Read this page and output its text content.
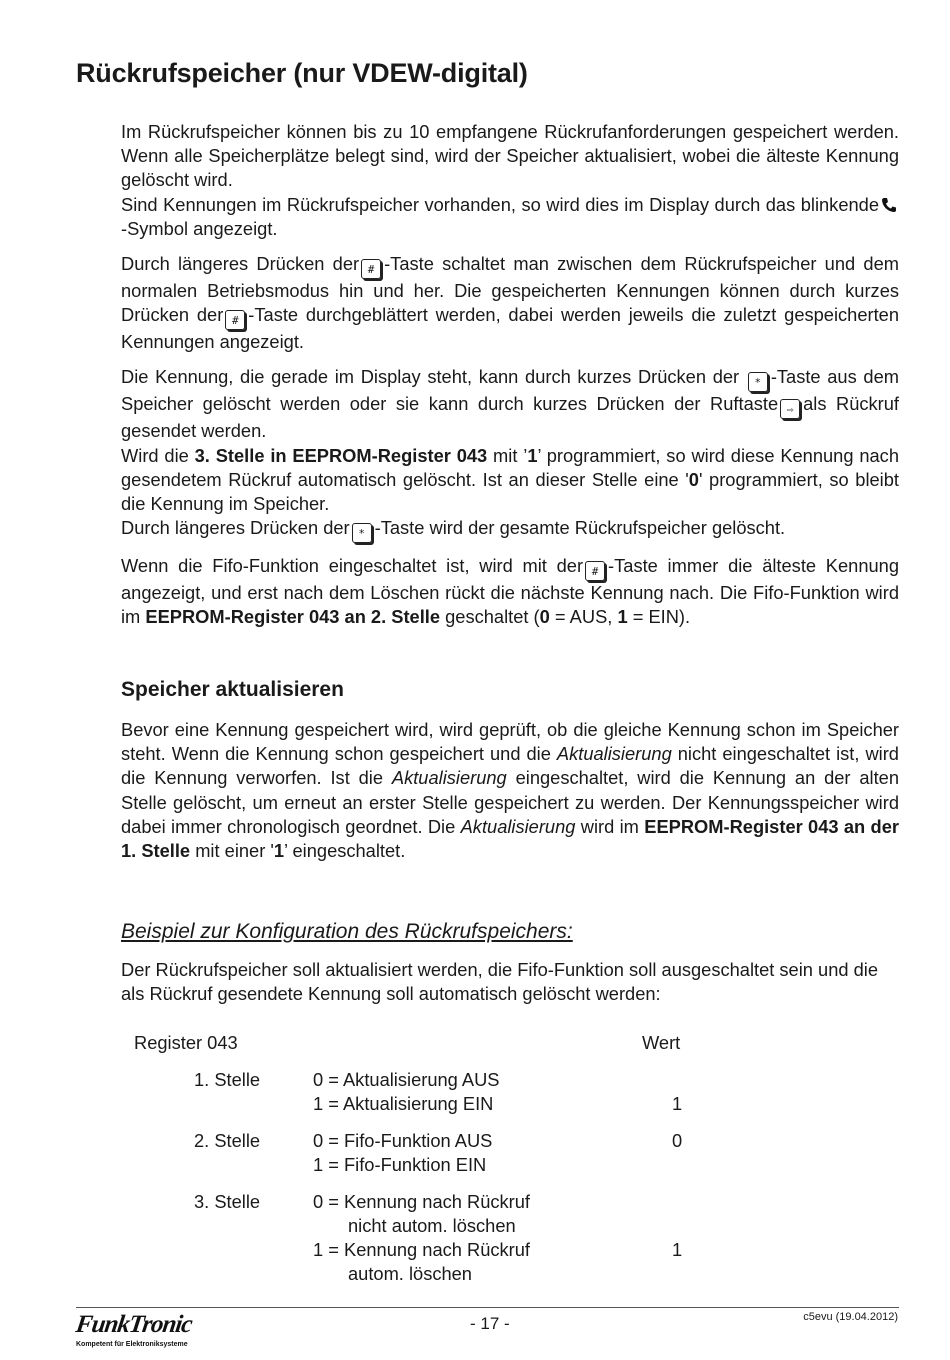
Rückrufspeicher (nur VDEW-digital)

Im Rückrufspeicher können bis zu 10 empfangene Rückrufanforderungen gespeichert werden. Wenn alle Speicherplätze belegt sind, wird der Speicher aktualisiert, wobei die älteste Kennung gelöscht wird.
Sind Kennungen im Rückrufspeicher vorhanden, so wird dies im Display durch das blinkende-Symbol angezeigt.

Durch längeres Drücken der # -Taste schaltet man zwischen dem Rückrufspeicher und dem normalen Betriebsmodus hin und her. Die gespeicherten Kennungen können durch kurzes Drücken der # -Taste durchgeblättert werden, dabei werden jeweils die zuletzt gespeicherten Kennungen angezeigt.

Die Kennung, die gerade im Display steht, kann durch kurzes Drücken der * -Taste aus dem Speicher gelöscht werden oder sie kann durch kurzes Drücken der Ruftaste ⇨ als Rückruf gesendet werden.
Wird die 3. Stelle in EEPROM-Register 043 mit ’1’ programmiert, so wird diese Kennung nach gesendetem Rückruf automatisch gelöscht. Ist an dieser Stelle eine '0' programmiert, so bleibt die Kennung im Speicher.
Durch längeres Drücken der * -Taste wird der gesamte Rückrufspeicher gelöscht.

Wenn die Fifo-Funktion eingeschaltet ist, wird mit der # -Taste immer die älteste Kennung angezeigt, und erst nach dem Löschen rückt die nächste Kennung nach. Die Fifo-Funktion wird im EEPROM-Register 043 an 2. Stelle geschaltet (0 = AUS, 1 = EIN).

Speicher aktualisieren

Bevor eine Kennung gespeichert wird, wird geprüft, ob die gleiche Kennung schon im Speicher steht. Wenn die Kennung schon gespeichert und die Aktualisierung nicht eingeschaltet ist, wird die Kennung verworfen. Ist die Aktualisierung eingeschaltet, wird die Kennung an der alten Stelle gelöscht, um erneut an erster Stelle gespeichert zu werden. Der Kennungsspeicher wird dabei immer chronologisch geordnet. Die Aktualisierung wird im EEPROM-Register 043 an der 1. Stelle mit einer '1’ eingeschaltet.

Beispiel zur Konfiguration des Rückrufspeichers:

Der Rückrufspeicher soll aktualisiert werden, die Fifo-Funktion soll ausgeschaltet sein und die als Rückruf gesendete Kennung soll automatisch gelöscht werden:

Register 043	Wert
1. Stelle	0 = Aktualisierung AUS
1 = Aktualisierung EIN	1
2. Stelle	0 = Fifo-Funktion AUS	0
1 = Fifo-Funktion EIN
3. Stelle	0 = Kennung nach Rückruf
nicht autom. löschen
1 = Kennung nach Rückruf	1
autom. löschen
FunkTronic
Kompetent für Elektroniksysteme
- 17 -	c5evu (19.04.2012)
